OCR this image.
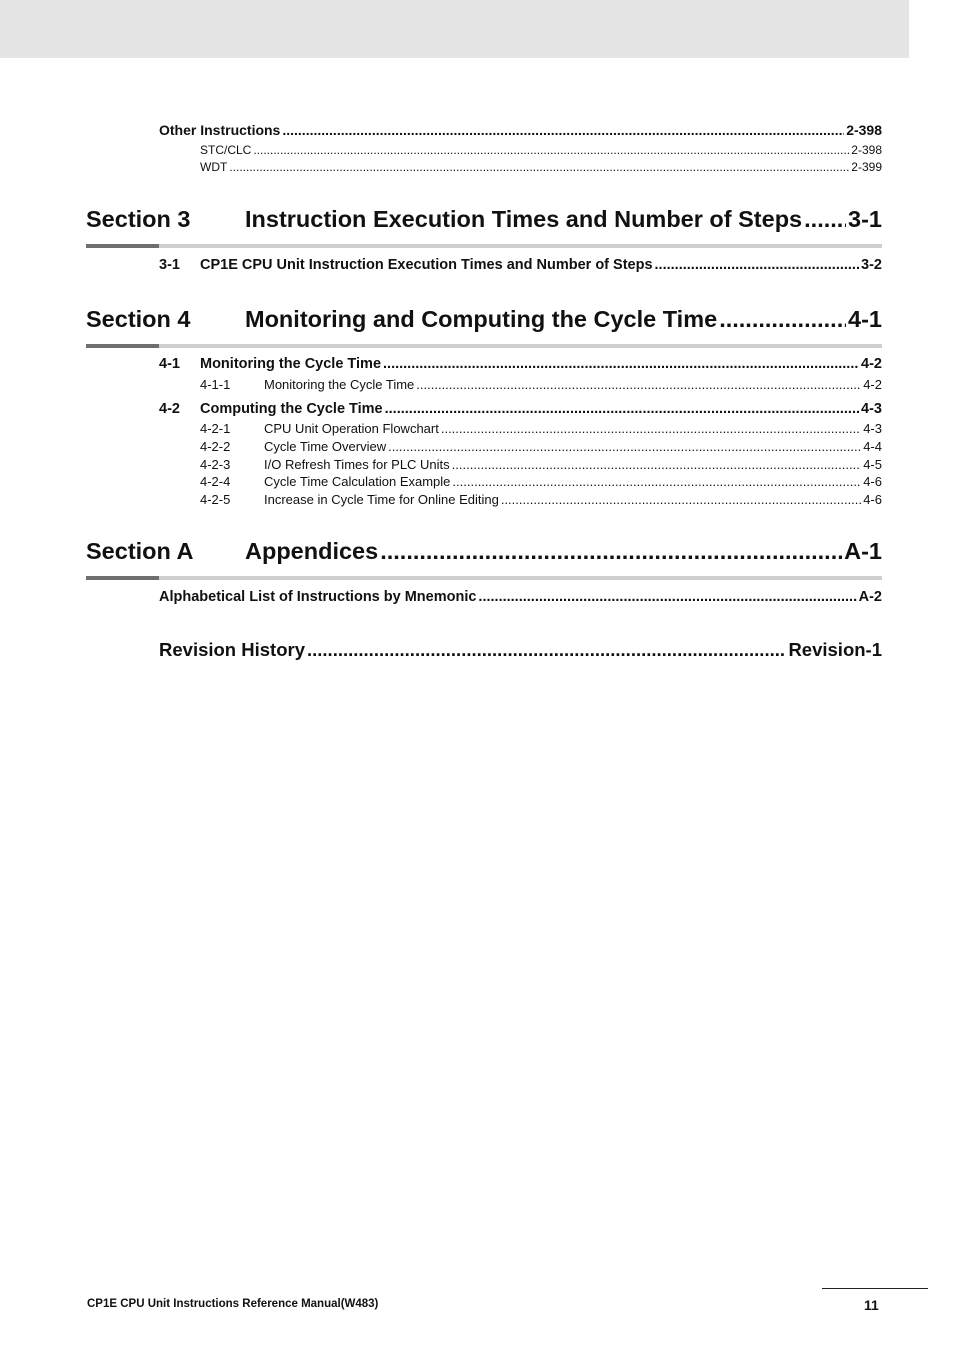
Other Instructions .....	2-398
STC/CLC .....	2-398
WDT .....	2-399
Section 3	Instruction Execution Times and Number of Steps ..... 3-1
3-1	CP1E CPU Unit Instruction Execution Times and Number of Steps .....	3-2
Section 4	Monitoring and Computing the Cycle Time .....	4-1
4-1	Monitoring the Cycle Time .....	4-2
4-1-1	Monitoring the Cycle Time .....	4-2
4-2	Computing the Cycle Time .....	4-3
4-2-1	CPU Unit Operation Flowchart .....	4-3
4-2-2	Cycle Time Overview .....	4-4
4-2-3	I/O Refresh Times for PLC Units .....	4-5
4-2-4	Cycle Time Calculation Example .....	4-6
4-2-5	Increase in Cycle Time for Online Editing .....	4-6
Section A	Appendices .....	A-1
Alphabetical List of Instructions by Mnemonic .....	A-2
Revision History .....	Revision-1
CP1E CPU Unit Instructions Reference Manual(W483)	11
